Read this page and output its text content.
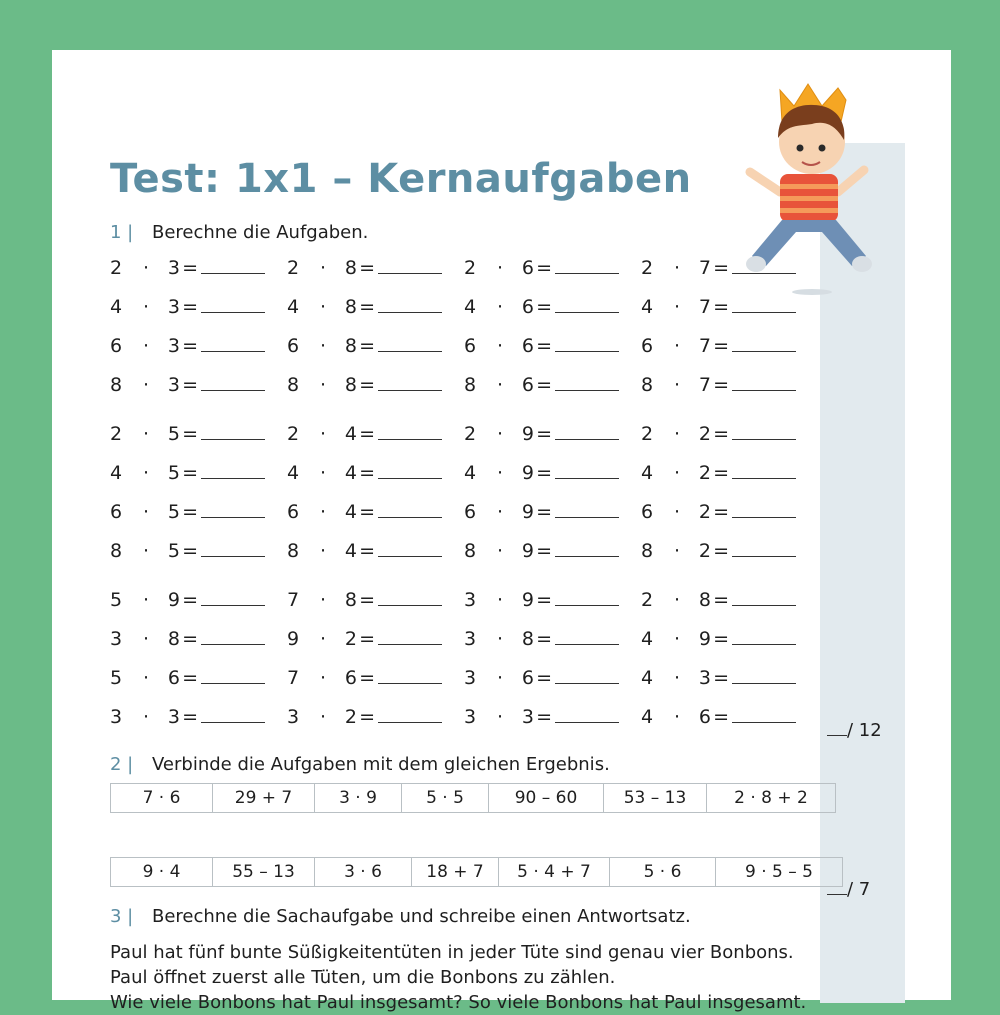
Test: 1x1 – Kernaufgaben
1 | Berechne die Aufgaben.
2 · 3 =	2 · 8 =	2 · 6 =	2 · 7 =
4 · 3 =	4 · 8 =	4 · 6 =	4 · 7 =
6 · 3 =	6 · 8 =	6 · 6 =	6 · 7 =
8 · 3 =	8 · 8 =	8 · 6 =	8 · 7 =
2 · 5 =	2 · 4 =	2 · 9 =	2 · 2 =
4 · 5 =	4 · 4 =	4 · 9 =	4 · 2 =
6 · 5 =	6 · 4 =	6 · 9 =	6 · 2 =
8 · 5 =	8 · 4 =	8 · 9 =	8 · 2 =
5 · 9 =	7 · 8 =	3 · 9 =	2 · 8 =
3 · 8 =	9 · 2 =	3 · 8 =	4 · 9 =
5 · 6 =	7 · 6 =	3 · 6 =	4 · 3 =
3 · 3 =	3 · 2 =	3 · 3 =	4 · 6 =
/ 12
2 | Verbinde die Aufgaben mit dem gleichen Ergebnis.
7 · 6	29 + 7	3 · 9	5 · 5	90 – 60	53 – 13	2 · 8 + 2
9 · 4	55 – 13	3 · 6	18 + 7	5 · 4 + 7	5 · 6	9 · 5 – 5
/ 7
3 | Berechne die Sachaufgabe und schreibe einen Antwortsatz.

Paul hat fünf bunte Süßigkeitentüten in jeder Tüte sind genau vier Bonbons.

Paul öffnet zuerst alle Tüten, um die Bonbons zu zählen.

Wie viele Bonbons hat Paul insgesamt? So viele Bonbons hat Paul insgesamt.
